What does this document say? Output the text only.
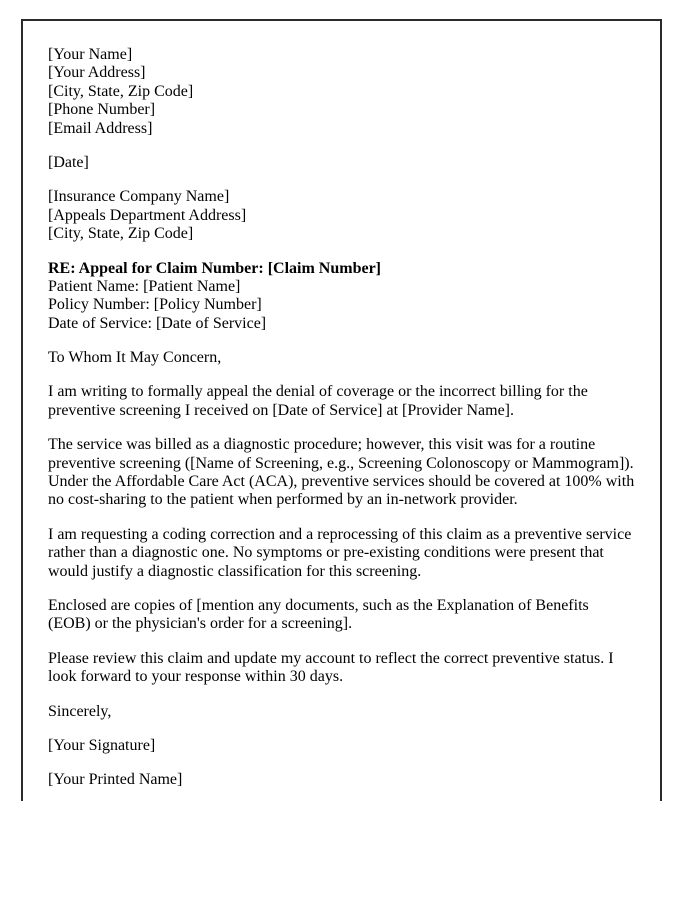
[Your Name]
[Your Address]
[City, State, Zip Code]
[Phone Number]
[Email Address]
[Date]
[Insurance Company Name]
[Appeals Department Address]
[City, State, Zip Code]
RE: Appeal for Claim Number: [Claim Number]
Patient Name: [Patient Name]
Policy Number: [Policy Number]
Date of Service: [Date of Service]

To Whom It May Concern,

I am writing to formally appeal the denial of coverage or the incorrect billing for the preventive screening I received on [Date of Service] at [Provider Name].

The service was billed as a diagnostic procedure; however, this visit was for a routine preventive screening ([Name of Screening, e.g., Screening Colonoscopy or Mammogram]). Under the Affordable Care Act (ACA), preventive services should be covered at 100% with no cost-sharing to the patient when performed by an in-network provider.

I am requesting a coding correction and a reprocessing of this claim as a preventive service rather than a diagnostic one. No symptoms or pre-existing conditions were present that would justify a diagnostic classification for this screening.

Enclosed are copies of [mention any documents, such as the Explanation of Benefits (EOB) or the physician's order for a screening].

Please review this claim and update my account to reflect the correct preventive status. I look forward to your response within 30 days.

Sincerely,

[Your Signature]

[Your Printed Name]
